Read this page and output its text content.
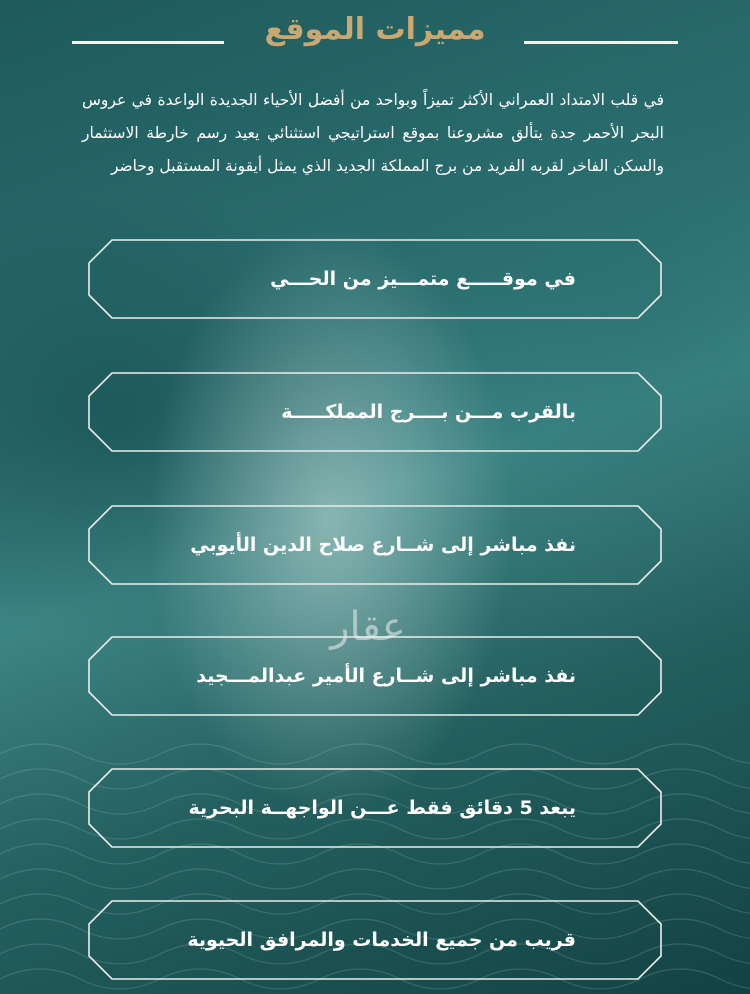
مميزات الموقع
في قلب الامتداد العمراني الأكثر تميزاً وبواحد من أفضل الأحياء الجديدة الواعدة في عروس البحر الأحمر جدة يتألق مشروعنا بموقع استراتيجي استثنائي يعيد رسم خارطة الاستثمار والسكن الفاخر لقربه الفريد من برج المملكة الجديد الذي يمثل أيقونة المستقبل وحاضر
في موقـــــع متمـــيز من الحـــي
بالقرب مـــن بــــرج المملكـــــة
نفذ مباشر إلى شــارع صلاح الدين الأيوبي
نفذ مباشر إلى شــارع الأمير عبدالمـــجيد
يبعد 5 دقائق فقط عـــن الواجهــة البحرية
قريب من جميع الخدمات والمرافق الحيوية
عقار
